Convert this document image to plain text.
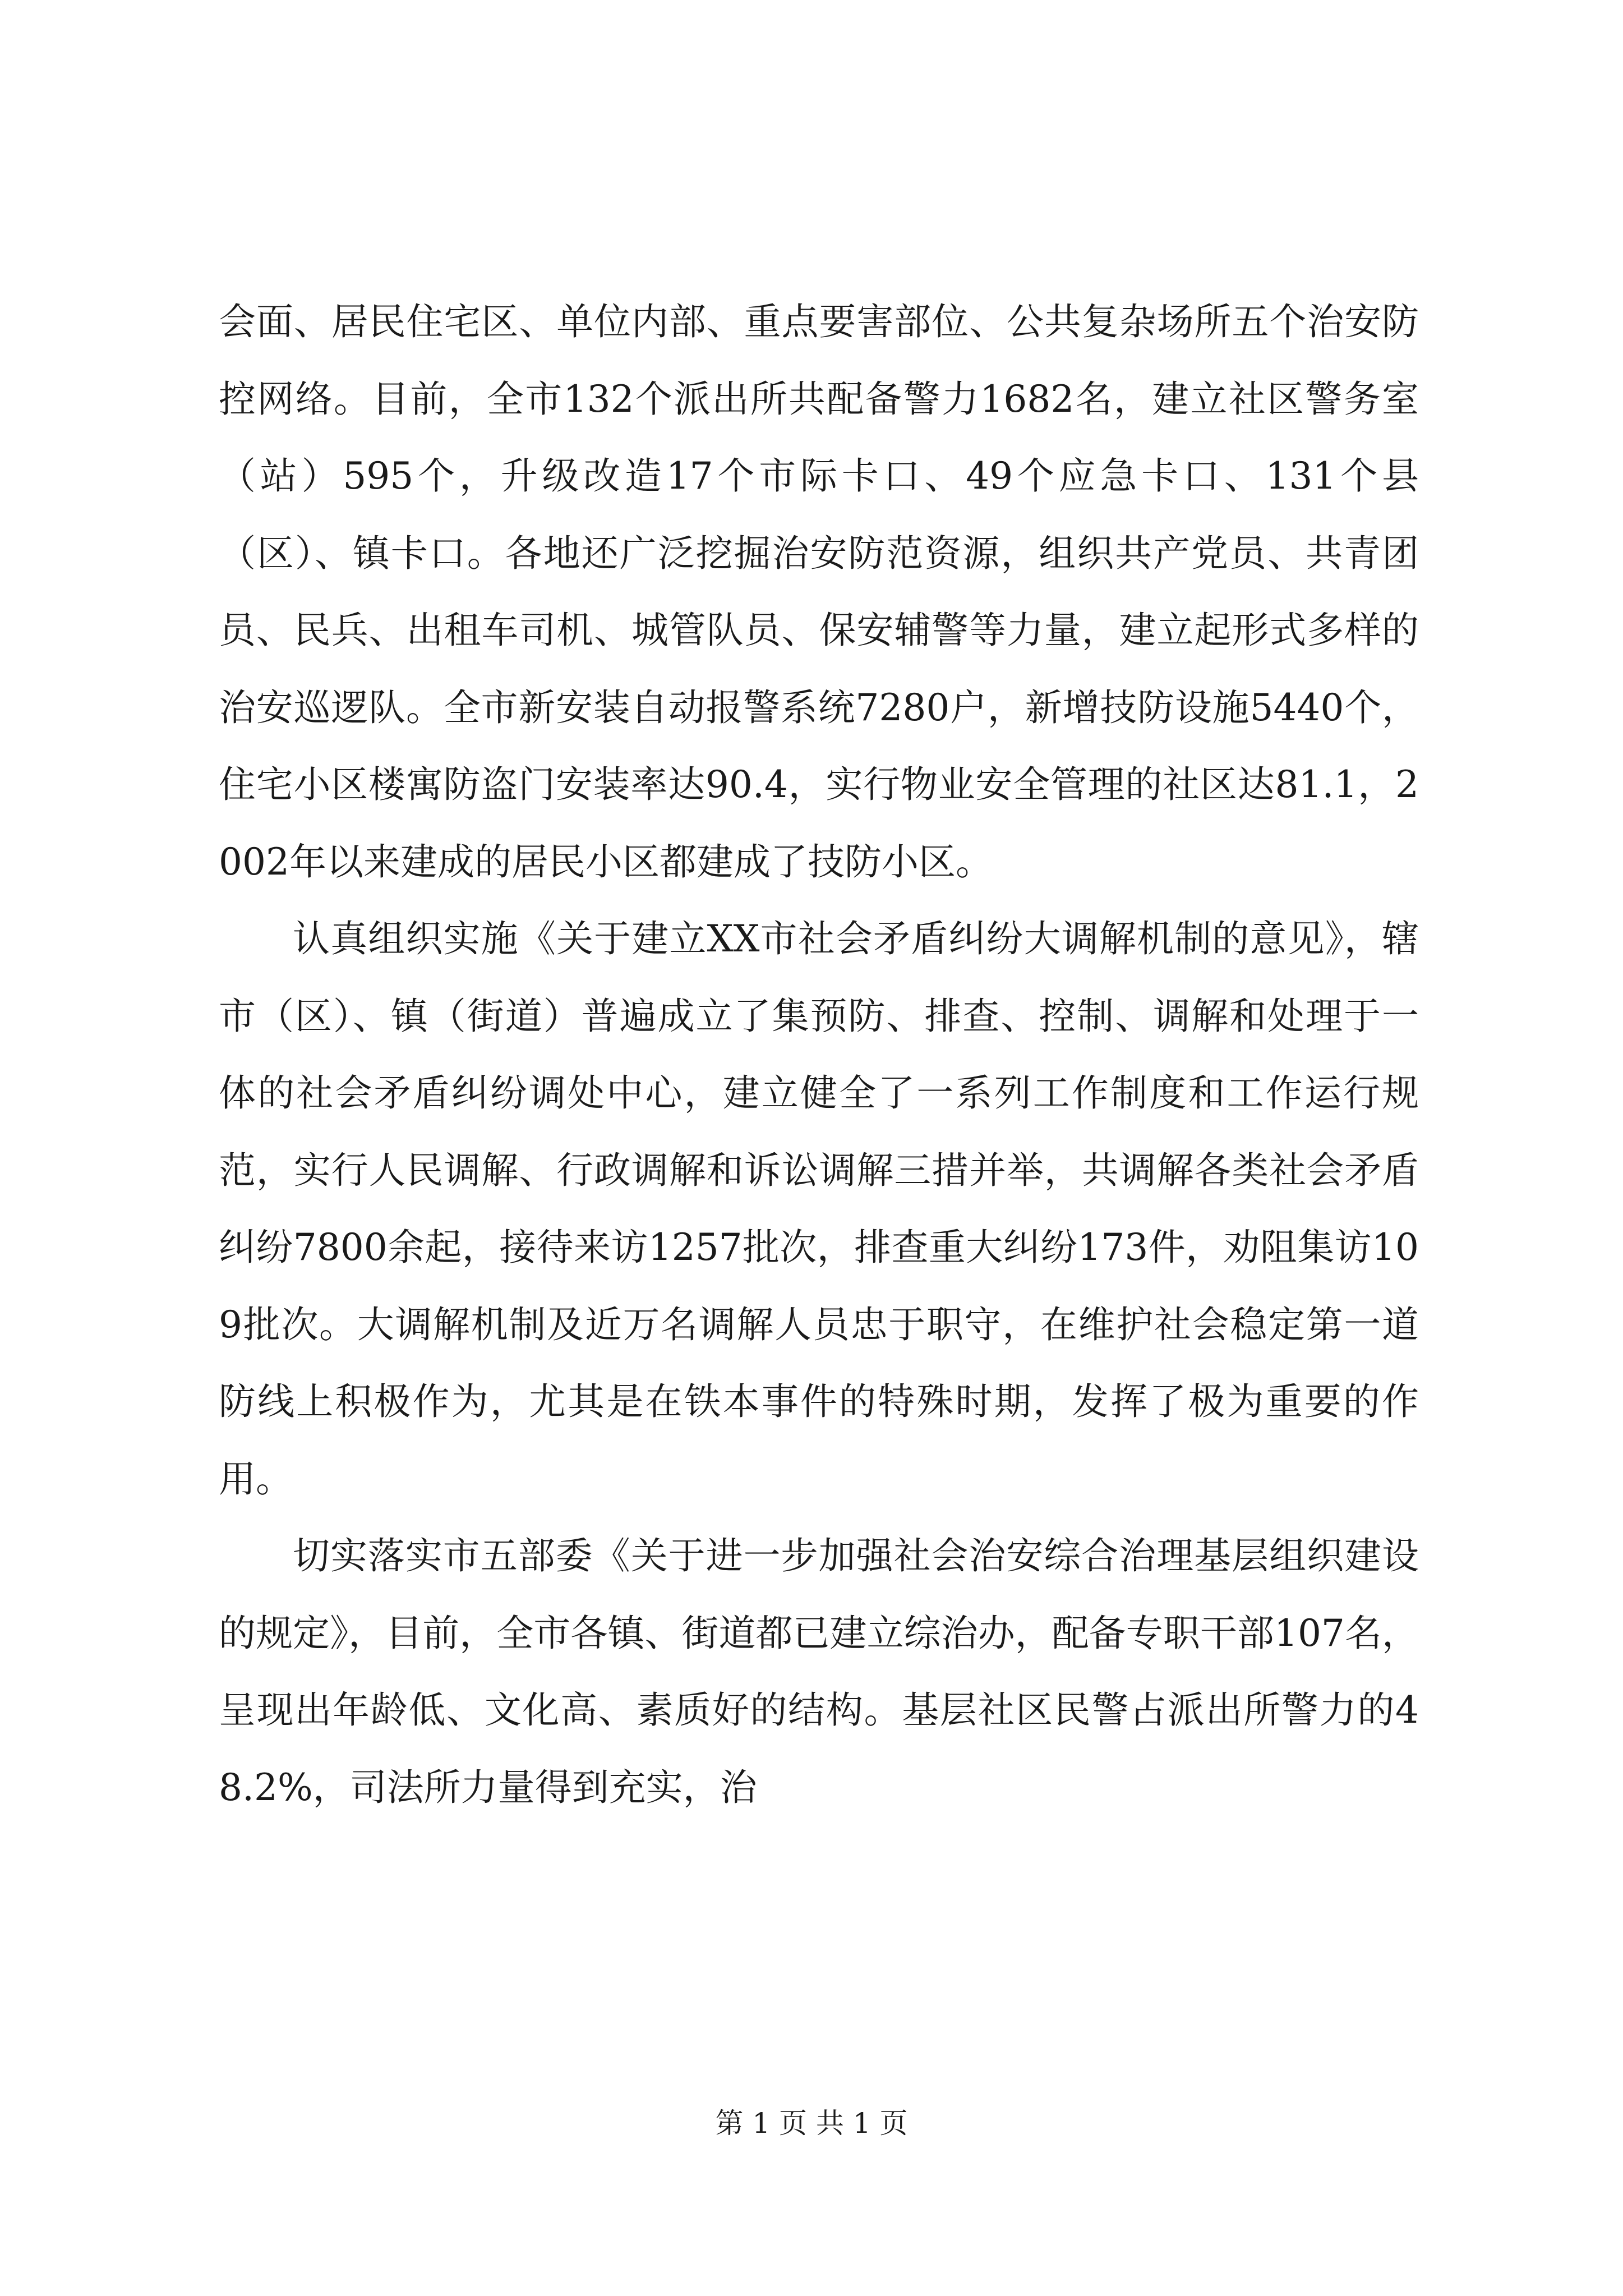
会面、居民住宅区、单位内部、重点要害部位、公共复杂场所五个治安防控网络。目前，全市132个派出所共配备警力1682名，建立社区警务室（站）595个，升级改造17个市际卡口、49个应急卡口、131个县（区）、镇卡口。各地还广泛挖掘治安防范资源，组织共产党员、共青团员、民兵、出租车司机、城管队员、保安辅警等力量，建立起形式多样的治安巡逻队。全市新安装自动报警系统7280户，新增技防设施5440个，住宅小区楼寓防盗门安装率达90.4，实行物业安全管理的社区达81.1，2002年以来建成的居民小区都建成了技防小区。

认真组织实施《关于建立XX市社会矛盾纠纷大调解机制的意见》，辖市（区）、镇（街道）普遍成立了集预防、排查、控制、调解和处理于一体的社会矛盾纠纷调处中心，建立健全了一系列工作制度和工作运行规范，实行人民调解、行政调解和诉讼调解三措并举，共调解各类社会矛盾纠纷7800余起，接待来访1257批次，排查重大纠纷173件，劝阻集访109批次。大调解机制及近万名调解人员忠于职守，在维护社会稳定第一道防线上积极作为，尤其是在铁本事件的特殊时期，发挥了极为重要的作用。

切实落实市五部委《关于进一步加强社会治安综合治理基层组织建设的规定》，目前，全市各镇、街道都已建立综治办，配备专职干部107名，呈现出年龄低、文化高、素质好的结构。基层社区民警占派出所警力的48.2%，司法所力量得到充实，治

第 1 页 共 1 页
